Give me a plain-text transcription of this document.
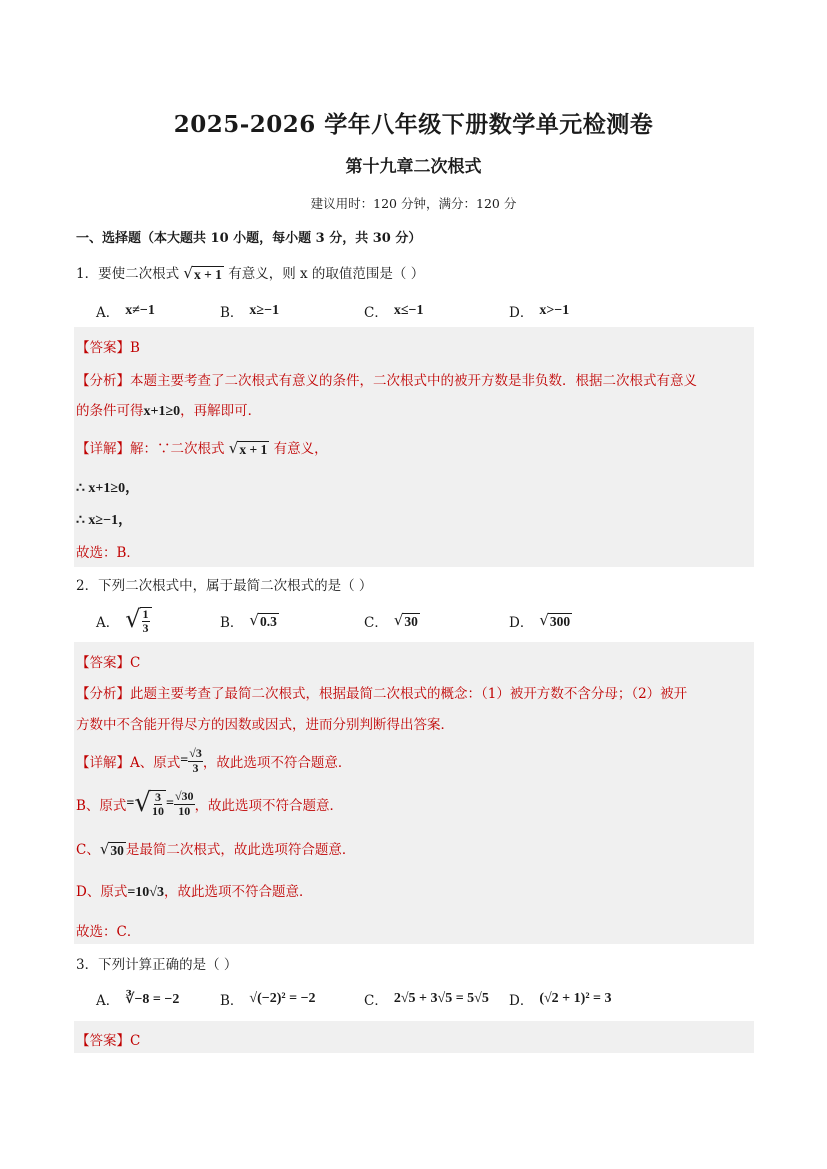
2025-2026 学年八年级下册数学单元检测卷
第十九章二次根式
建议用时：120 分钟，满分：120 分
一、选择题（本大题共 10 小题，每小题 3 分，共 30 分）
1．要使二次根式 √ x + 1 有意义，则 x 的取值范围是（ ）
A． x≠−1	B． x≥−1	C． x≤−1	D． x>−1
【答案】B
【分析】本题主要考查了二次根式有意义的条件，二次根式中的被开方数是非负数．根据二次根式有意义
的条件可得x+1≥0，再解即可．
【详解】解：∵二次根式 √ x + 1 有意义，
∴ x+1≥0，
∴ x≥−1，
故选：B．
2．下列二次根式中，属于最简二次根式的是（ ）
A． √ $\frac{1}{3}$	B． √ 0.3	C． √ 30	D． √ 300
【答案】C
【分析】此题主要考查了最简二次根式，根据最简二次根式的概念：（1）被开方数不含分母；（2）被开
方数中不含能开得尽方的因数或因式，进而分别判断得出答案．
【详解】 A、原式 = $\frac{√3}{3}$ ，故此选项不符合题意．
B、原式 = √ $\frac{3}{10} = \frac{√30}{10}$ ，故此选项不符合题意．
C、 √ 30 是最简二次根式，故此选项符合题意．
D、原式=10√3，故此选项不符合题意．
故选：C．
3．下列计算正确的是（ ）
A． ∛−8 = −2	B． √(−2)² = −2	C． 2√5 + 3√5 = 5√5 D． (√2 + 1)² = 3
【答案】C
